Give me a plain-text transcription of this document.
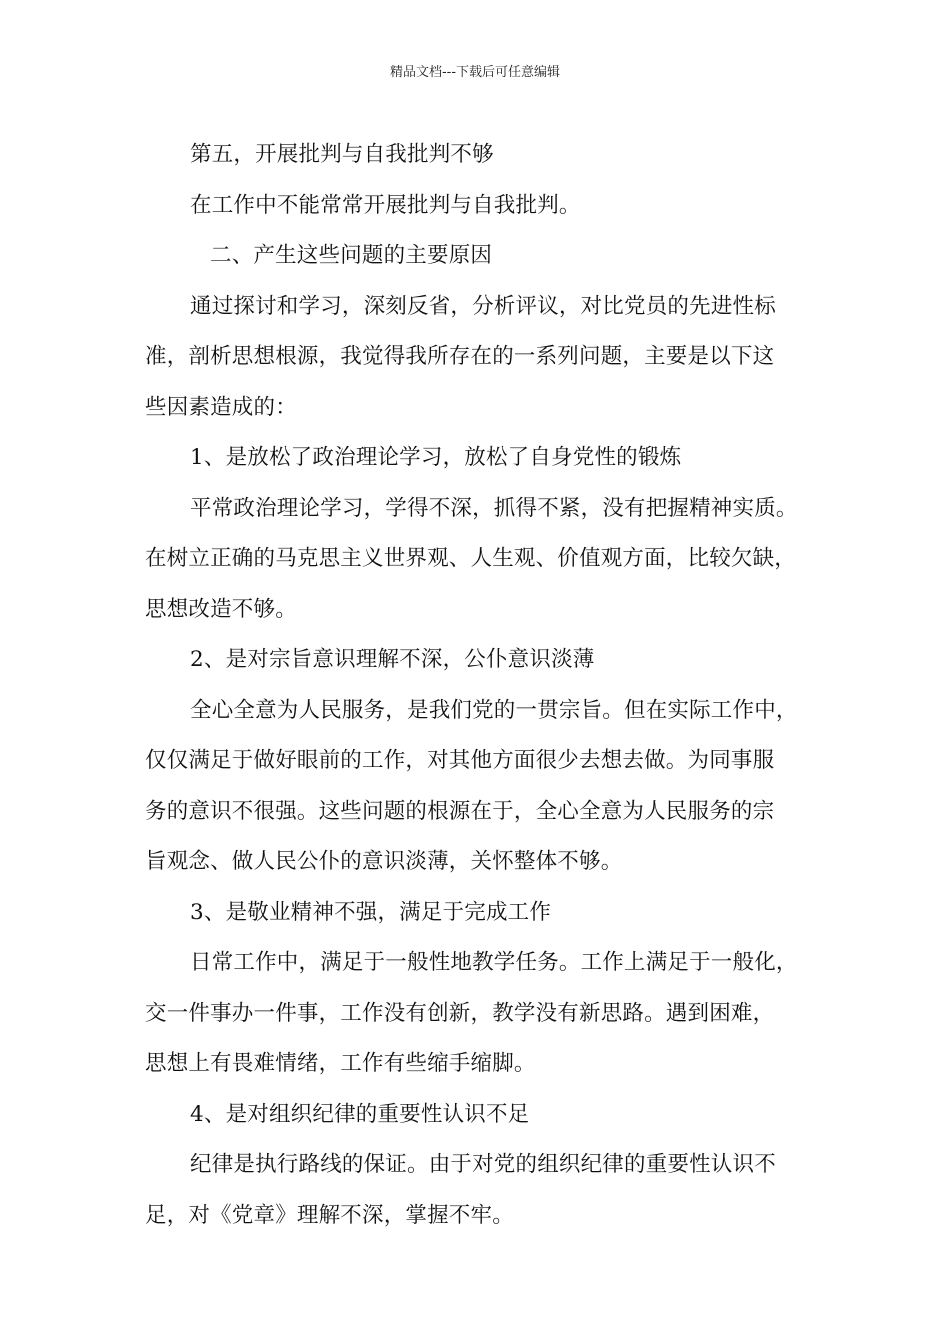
精品文档---下载后可任意编辑
第五，开展批判与自我批判不够
在工作中不能常常开展批判与自我批判。
二、产生这些问题的主要原因
通过探讨和学习，深刻反省，分析评议，对比党员的先进性标
准，剖析思想根源，我觉得我所存在的一系列问题，主要是以下这
些因素造成的：
1、是放松了政治理论学习，放松了自身党性的锻炼
平常政治理论学习，学得不深，抓得不紧，没有把握精神实质。
在树立正确的马克思主义世界观、人生观、价值观方面，比较欠缺，
思想改造不够。
2、是对宗旨意识理解不深，公仆意识淡薄
全心全意为人民服务，是我们党的一贯宗旨。但在实际工作中，
仅仅满足于做好眼前的工作，对其他方面很少去想去做。为同事服
务的意识不很强。这些问题的根源在于，全心全意为人民服务的宗
旨观念、做人民公仆的意识淡薄，关怀整体不够。
3、是敬业精神不强，满足于完成工作
日常工作中，满足于一般性地教学任务。工作上满足于一般化，
交一件事办一件事，工作没有创新，教学没有新思路。遇到困难，
思想上有畏难情绪，工作有些缩手缩脚。
4、是对组织纪律的重要性认识不足
纪律是执行路线的保证。由于对党的组织纪律的重要性认识不
足，对《党章》理解不深，掌握不牢。
